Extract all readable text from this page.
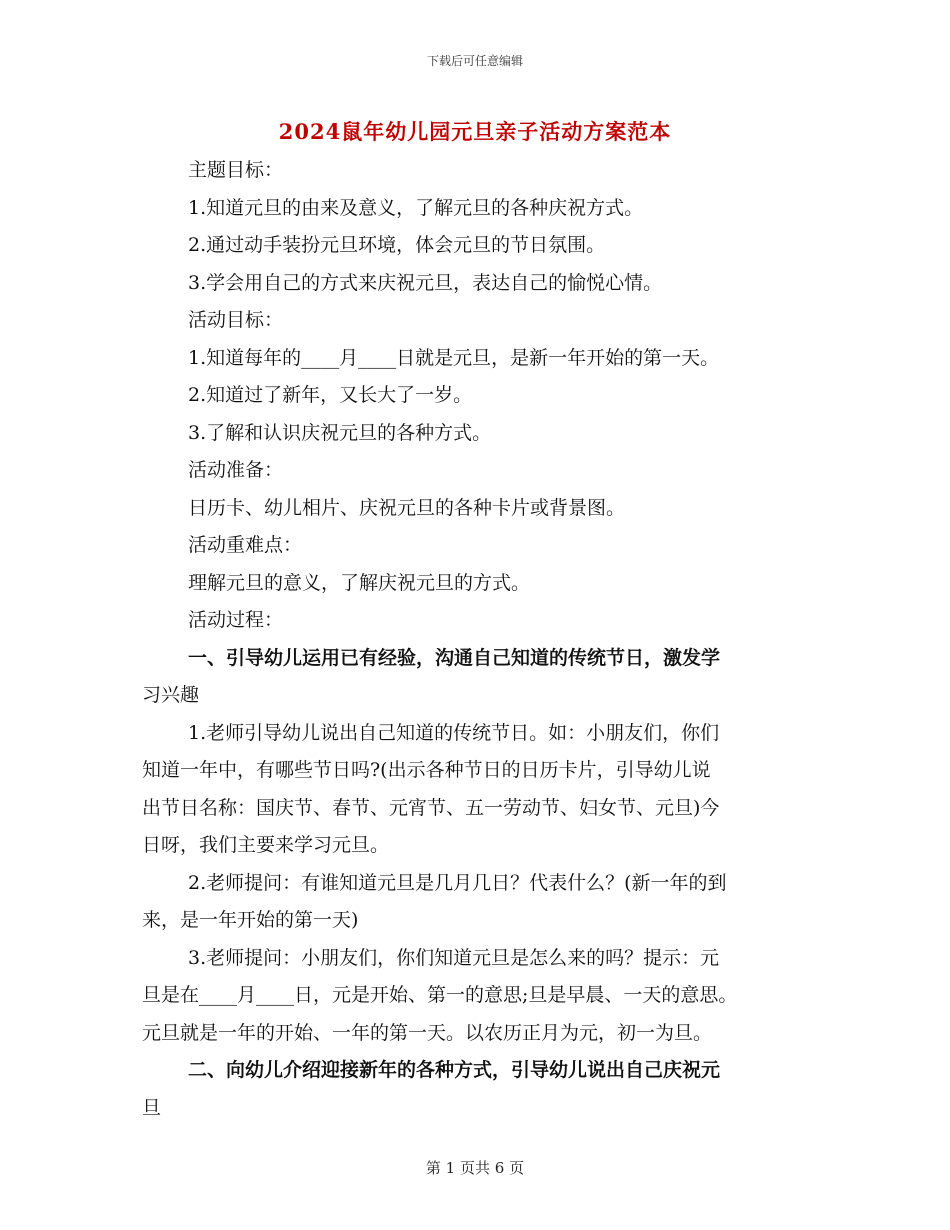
下载后可任意编辑
2024鼠年幼儿园元旦亲子活动方案范本

主题目标：

1.知道元旦的由来及意义，了解元旦的各种庆祝方式。

2.通过动手装扮元旦环境，体会元旦的节日氛围。

3.学会用自己的方式来庆祝元旦，表达自己的愉悦心情。

活动目标：

1.知道每年的____月____日就是元旦，是新一年开始的第一天。

2.知道过了新年，又长大了一岁。

3.了解和认识庆祝元旦的各种方式。

活动准备：

日历卡、幼儿相片、庆祝元旦的各种卡片或背景图。

活动重难点：

理解元旦的意义，了解庆祝元旦的方式。

活动过程：

一、引导幼儿运用已有经验，沟通自己知道的传统节日，激发学

习兴趣

1.老师引导幼儿说出自己知道的传统节日。如：小朋友们，你们

知道一年中，有哪些节日吗?(出示各种节日的日历卡片，引导幼儿说

出节日名称：国庆节、春节、元宵节、五一劳动节、妇女节、元旦)今

日呀，我们主要来学习元旦。

2.老师提问：有谁知道元旦是几月几日？代表什么？(新一年的到

来，是一年开始的第一天)

3.老师提问：小朋友们，你们知道元旦是怎么来的吗？提示：元

旦是在____月____日，元是开始、第一的意思;旦是早晨、一天的意思。

元旦就是一年的开始、一年的第一天。以农历正月为元，初一为旦。

二、向幼儿介绍迎接新年的各种方式，引导幼儿说出自己庆祝元

旦

第 1 页共 6 页
